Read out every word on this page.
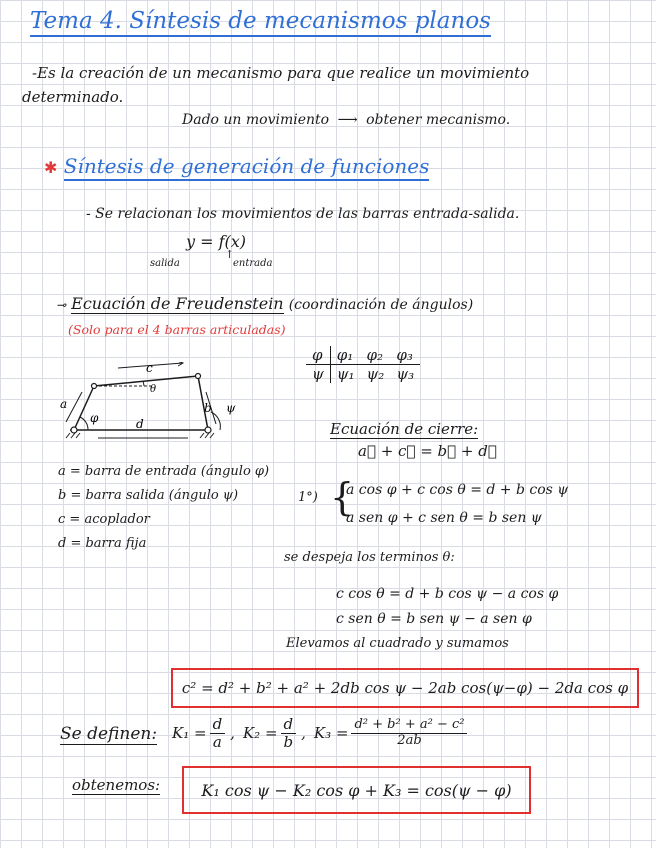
Tema 4. Síntesis de mecanismos planos
-Es la creación de un mecanismo para que realice un movimiento
determinado.
Dado un movimiento ⟶ obtener mecanismo.
✱ Síntesis de generación de funciones
- Se relacionan los movimientos de las barras entrada-salida.
y = f(x)
salida
↑
entrada
⊸ Ecuación de Freudenstein (coordinación de ángulos)
(Solo para el 4 barras articuladas)
a
φ
c
θ
b ψ
d
φ		φ₁	φ₂	φ₃
ψ		ψ₁	ψ₂	ψ₃
Ecuación de cierre:
a⃗ + c⃗ = b⃗ + d⃗
a = barra de entrada (ángulo φ)
b = barra salida (ángulo ψ)
c = acoplador
d = barra fija
1°) {
a cos φ + c cos θ = d + b cos ψ
a sen φ + c sen θ = b sen ψ
se despeja los terminos θ:
c cos θ = d + b cos ψ − a cos φ
c sen θ = b sen ψ − a sen φ
Elevamos al cuadrado y sumamos
c² = d² + b² + a² + 2db cos ψ − 2ab cos(ψ−φ) − 2da cos φ
Se definen: $K_1 = \frac{d}{a}$ , $K_2 = \frac{d}{b}$ , $K_3 = \frac{\text{d² + b² + a² − c²}}{2ab}$
obtenemos:	K₁ cos ψ − K₂ cos φ + K₃ = cos(ψ − φ)
